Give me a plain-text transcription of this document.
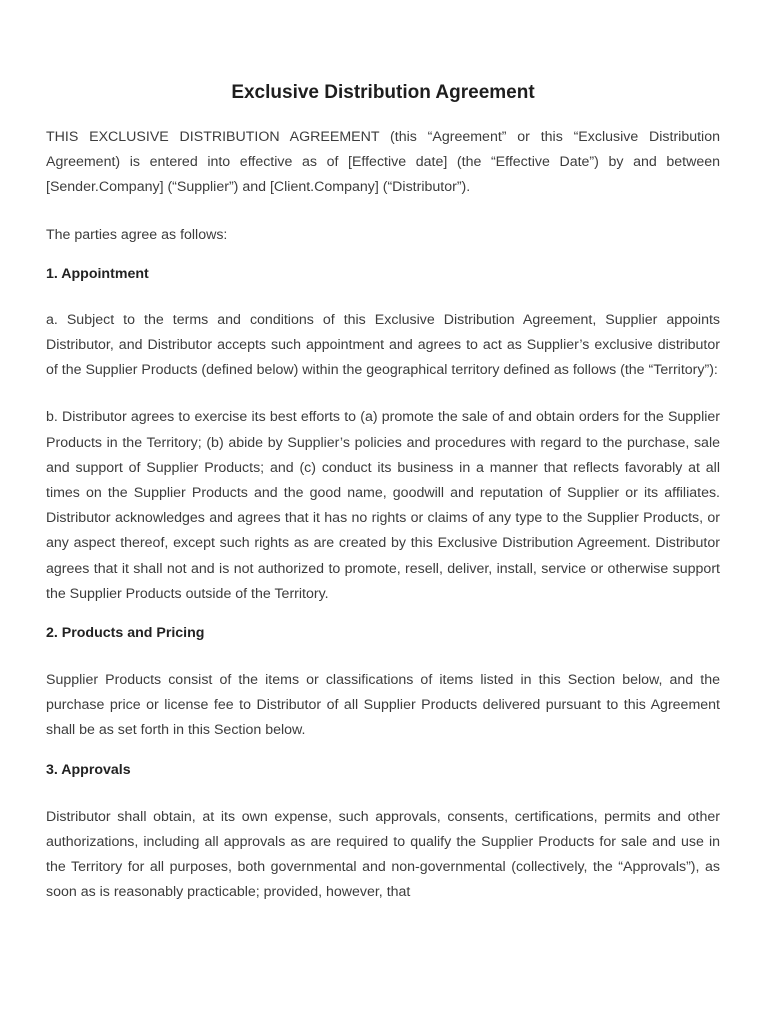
Exclusive Distribution Agreement

THIS EXCLUSIVE DISTRIBUTION AGREEMENT (this “Agreement” or this “Exclusive Distribution Agreement) is entered into effective as of [Effective date] (the “Effective Date”) by and between [Sender.Company] (“Supplier”) and [Client.Company] (“Distributor”).

The parties agree as follows:

1. Appointment

a. Subject to the terms and conditions of this Exclusive Distribution Agreement, Supplier appoints Distributor, and Distributor accepts such appointment and agrees to act as Supplier’s exclusive distributor of the Supplier Products (defined below) within the geographical territory defined as follows (the “Territory”):

b. Distributor agrees to exercise its best efforts to (a) promote the sale of and obtain orders for the Supplier Products in the Territory; (b) abide by Supplier’s policies and procedures with regard to the purchase, sale and support of Supplier Products; and (c) conduct its business in a manner that reflects favorably at all times on the Supplier Products and the good name, goodwill and reputation of Supplier or its affiliates. Distributor acknowledges and agrees that it has no rights or claims of any type to the Supplier Products, or any aspect thereof, except such rights as are created by this Exclusive Distribution Agreement. Distributor agrees that it shall not and is not authorized to promote, resell, deliver, install, service or otherwise support the Supplier Products outside of the Territory.

2. Products and Pricing

Supplier Products consist of the items or classifications of items listed in this Section below, and the purchase price or license fee to Distributor of all Supplier Products delivered pursuant to this Agreement shall be as set forth in this Section below.

3. Approvals

Distributor shall obtain, at its own expense, such approvals, consents, certifications, permits and other authorizations, including all approvals as are required to qualify the Supplier Products for sale and use in the Territory for all purposes, both governmental and non-governmental (collectively, the “Approvals”), as soon as is reasonably practicable; provided, however, that
